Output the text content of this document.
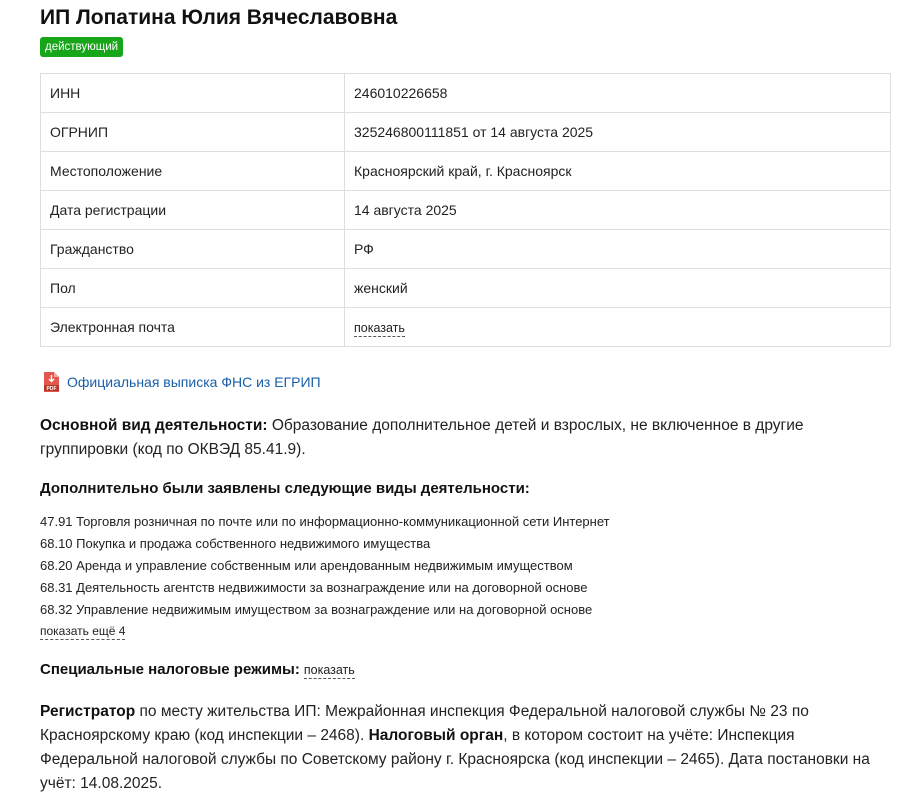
ИП Лопатина Юлия Вячеславовна
действующий
ИНН	246010226658
ОГРНИП	325246800111851 от 14 августа 2025
Местоположение	Красноярский край, г. Красноярск
Дата регистрации	14 августа 2025
Гражданство	РФ
Пол	женский
Электронная почта	показать
PDF Официальная выписка ФНС из ЕГРИП
Основной вид деятельности: Образование дополнительное детей и взрослых, не включенное в другие группировки (код по ОКВЭД 85.41.9).
Дополнительно были заявлены следующие виды деятельности:
47.91 Торговля розничная по почте или по информационно-коммуникационной сети Интернет
68.10 Покупка и продажа собственного недвижимого имущества
68.20 Аренда и управление собственным или арендованным недвижимым имуществом
68.31 Деятельность агентств недвижимости за вознаграждение или на договорной основе
68.32 Управление недвижимым имуществом за вознаграждение или на договорной основе
показать ещё 4
Специальные налоговые режимы: показать
Регистратор по месту жительства ИП: Межрайонная инспекция Федеральной налоговой службы № 23 по Красноярскому краю (код инспекции – 2468). Налоговый орган, в котором состоит на учёте: Инспекция Федеральной налоговой службы по Советскому району г. Красноярска (код инспекции – 2465). Дата постановки на учёт: 14.08.2025.
